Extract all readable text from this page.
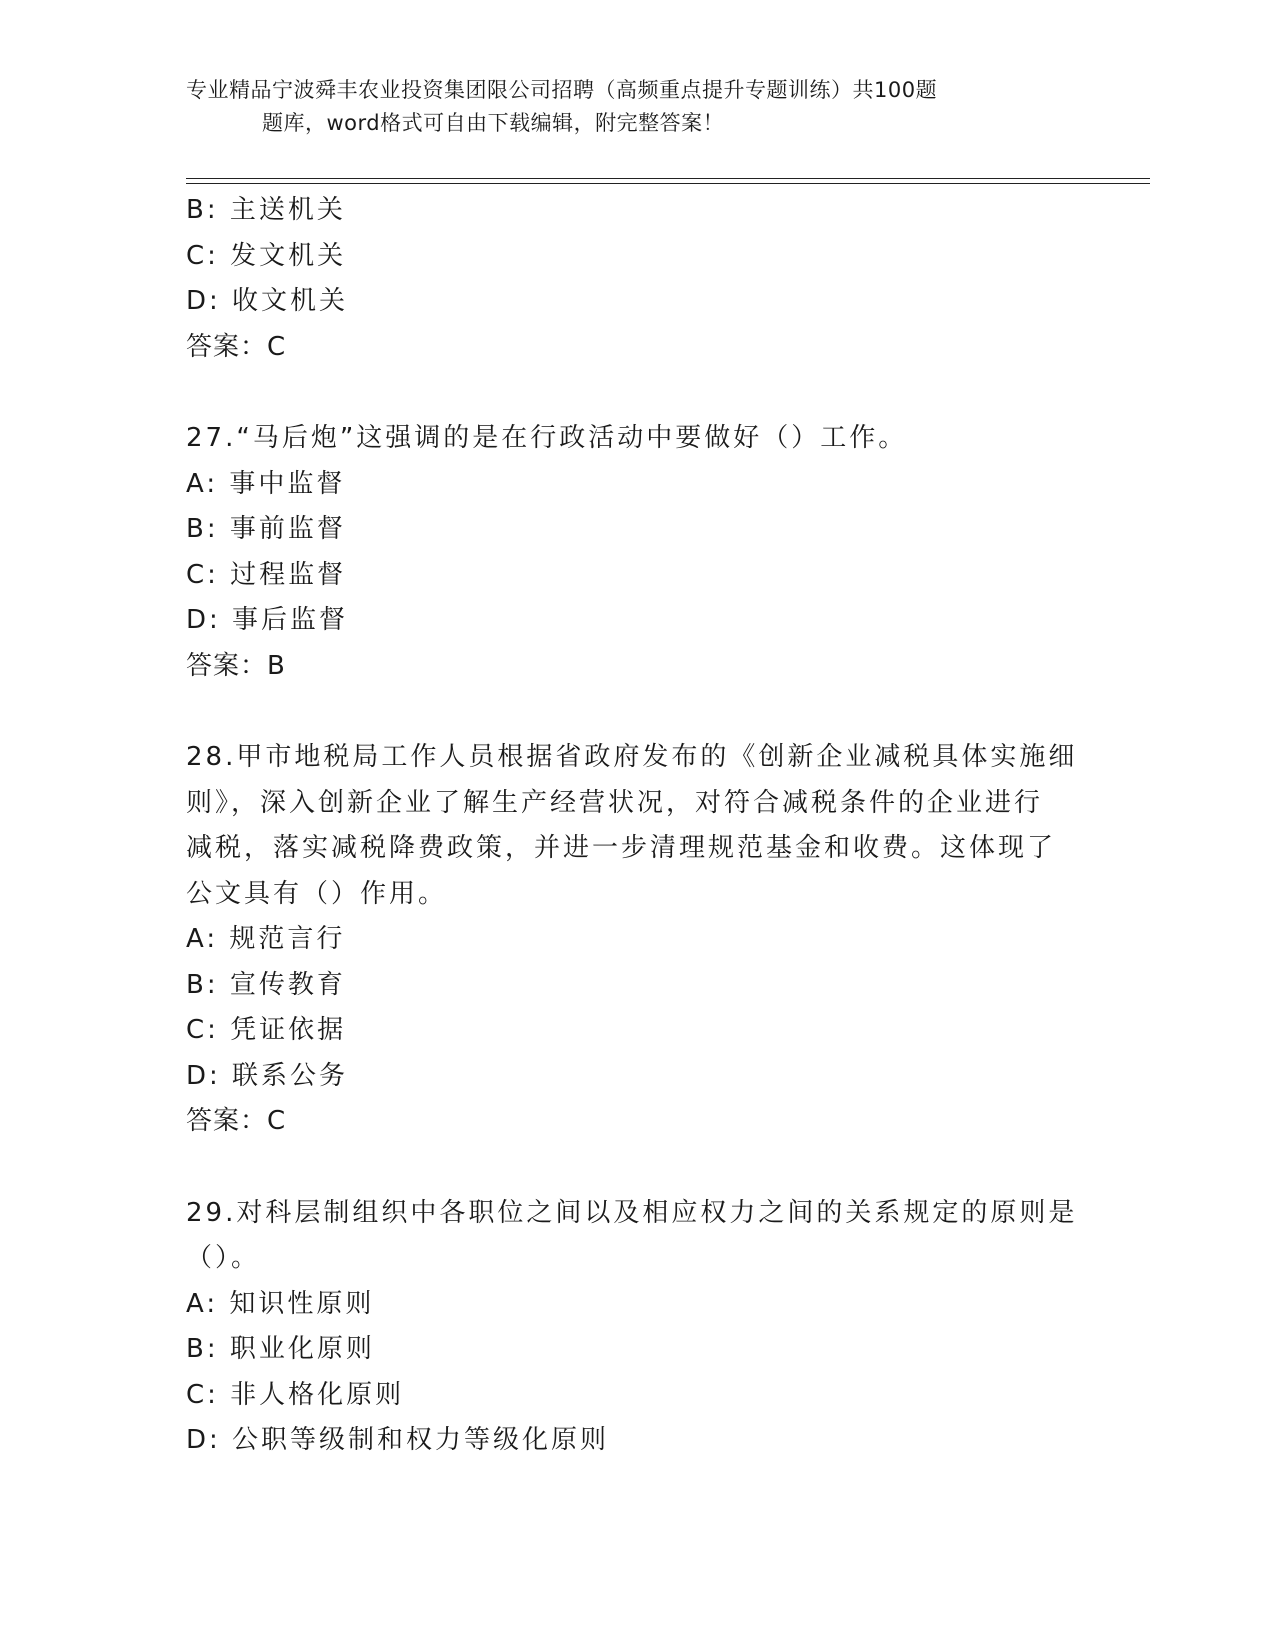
专业精品宁波舜丰农业投资集团限公司招聘（高频重点提升专题训练）共100题
题库，word格式可自由下载编辑，附完整答案！

B: 主送机关

C: 发文机关

D: 收文机关

答案：C

27.“马后炮”这强调的是在行政活动中要做好（）工作。

A: 事中监督

B: 事前监督

C: 过程监督

D: 事后监督

答案：B

28.甲市地税局工作人员根据省政府发布的《创新企业减税具体实施细

则》，深入创新企业了解生产经营状况，对符合减税条件的企业进行

减税，落实减税降费政策，并进一步清理规范基金和收费。这体现了

公文具有（）作用。

A: 规范言行

B: 宣传教育

C: 凭证依据

D: 联系公务

答案：C

29.对科层制组织中各职位之间以及相应权力之间的关系规定的原则是

（）。

A: 知识性原则

B: 职业化原则

C: 非人格化原则

D: 公职等级制和权力等级化原则
